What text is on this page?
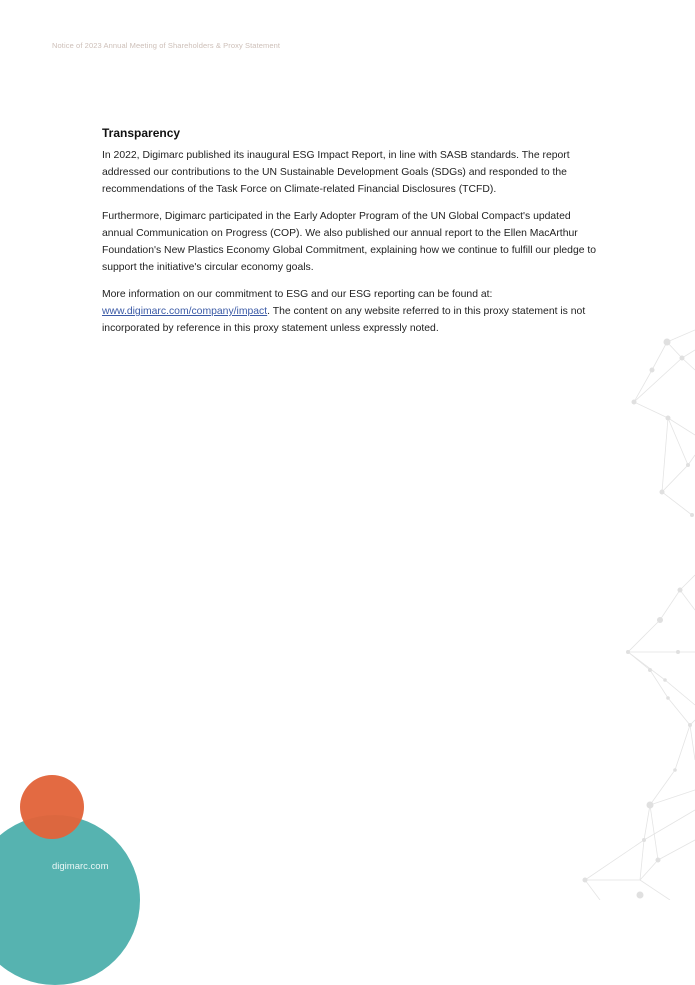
Notice of 2023 Annual Meeting of Shareholders & Proxy Statement
Transparency

In 2022, Digimarc published its inaugural ESG Impact Report, in line with SASB standards. The report addressed our contributions to the UN Sustainable Development Goals (SDGs) and responded to the recommendations of the Task Force on Climate-related Financial Disclosures (TCFD).

Furthermore, Digimarc participated in the Early Adopter Program of the UN Global Compact's updated annual Communication on Progress (COP). We also published our annual report to the Ellen MacArthur Foundation's New Plastics Economy Global Commitment, explaining how we continue to fulfill our pledge to support the initiative's circular economy goals.

More information on our commitment to ESG and our ESG reporting can be found at: www.digimarc.com/company/impact. The content on any website referred to in this proxy statement is not incorporated by reference in this proxy statement unless expressly noted.

digimarc.com
